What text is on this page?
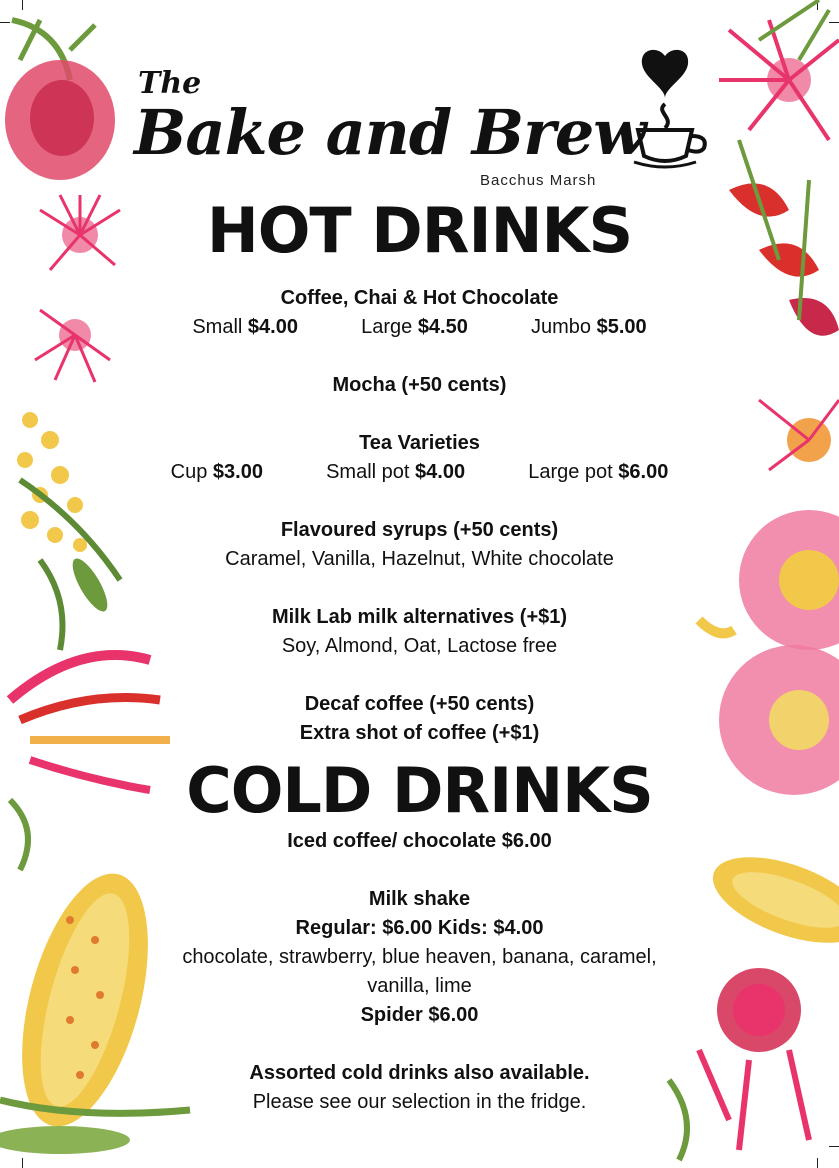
The
Bake and Brew
Bacchus Marsh
HOT DRINKS
Coffee, Chai & Hot Chocolate
Small $4.00	Large $4.50	Jumbo $5.00
Mocha (+50 cents)
Tea Varieties
Cup $3.00	Small pot $4.00	Large pot $6.00
Flavoured syrups (+50 cents)
Caramel, Vanilla, Hazelnut, White chocolate
Milk Lab milk alternatives (+$1)
Soy, Almond, Oat, Lactose free
Decaf coffee (+50 cents)
Extra shot of coffee (+$1)
COLD DRINKS
Iced coffee/ chocolate $6.00
Milk shake
Regular: $6.00 Kids: $4.00
chocolate, strawberry, blue heaven, banana, caramel,
vanilla, lime
Spider $6.00
Assorted cold drinks also available.
Please see our selection in the fridge.
